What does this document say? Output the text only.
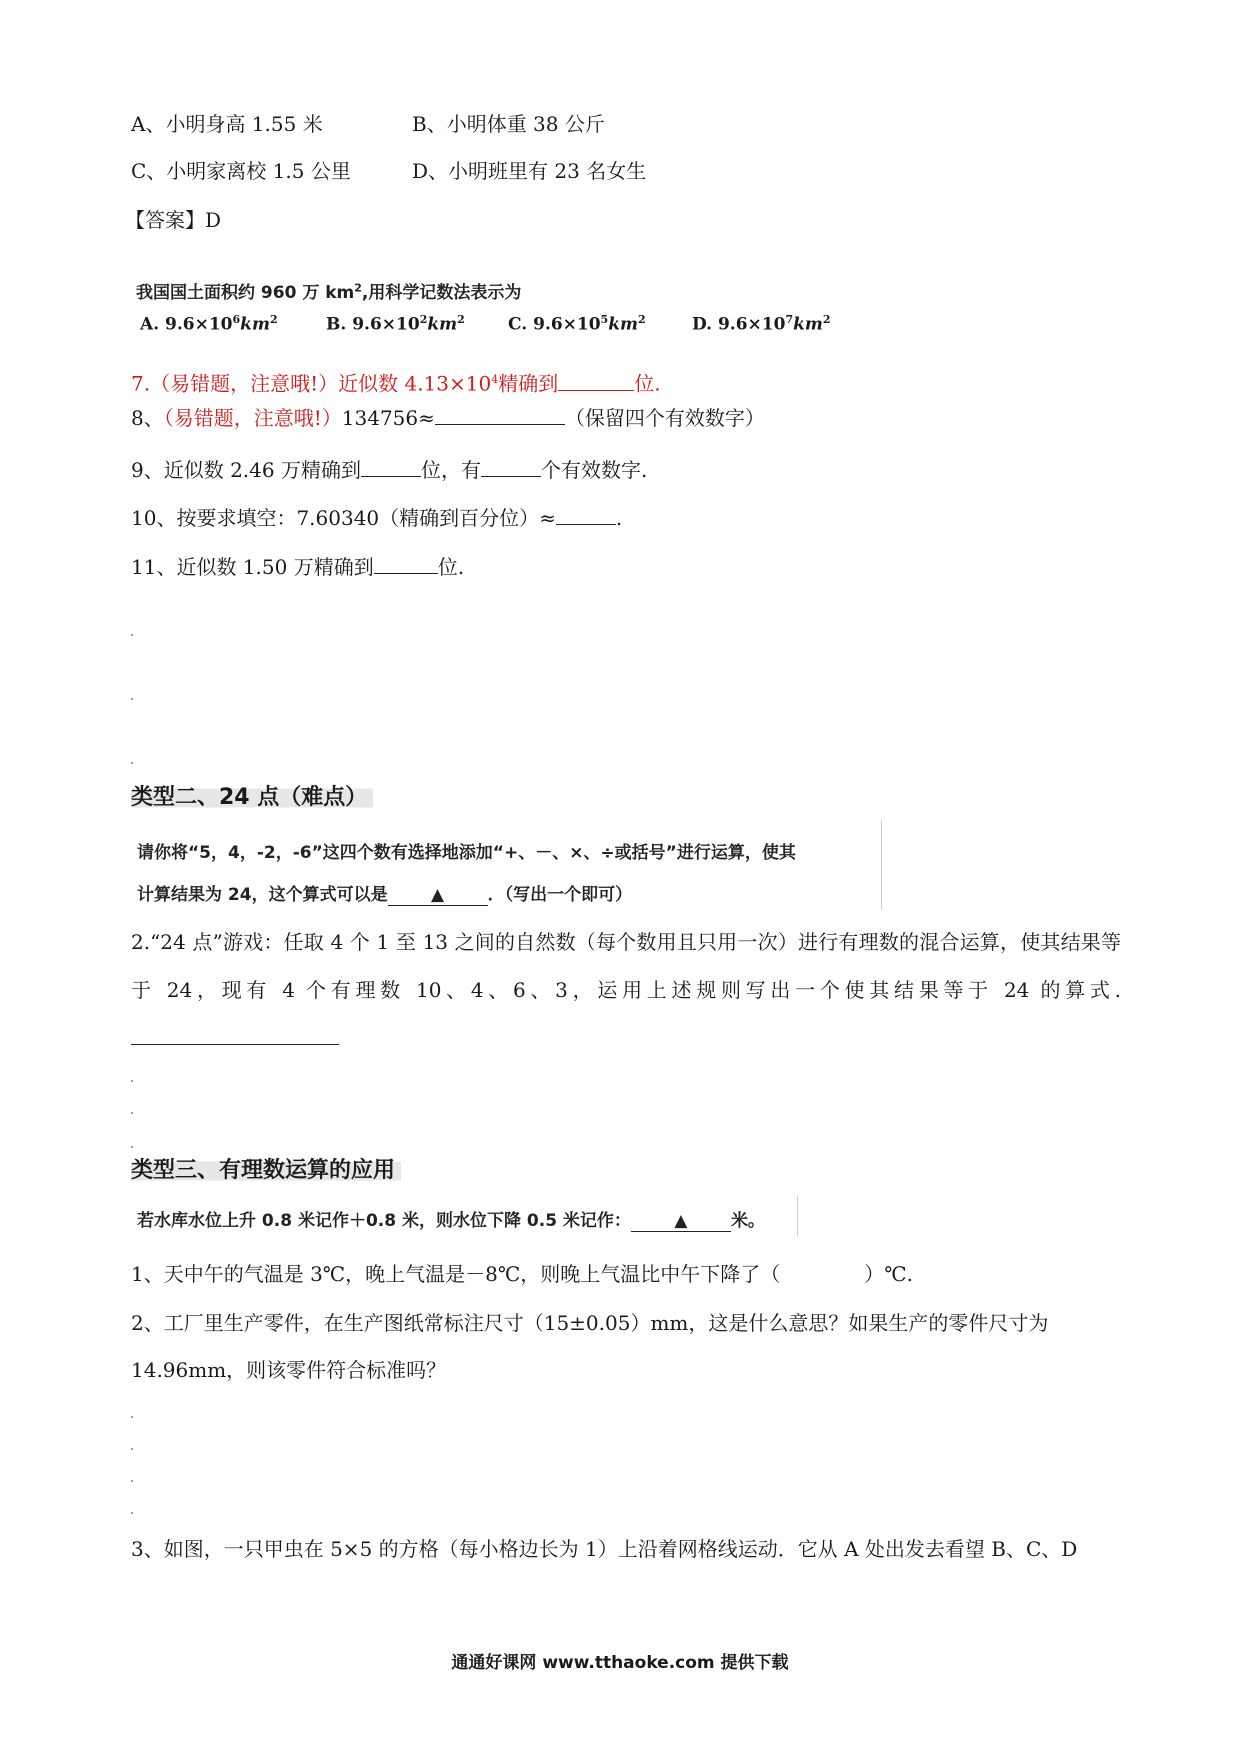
A、小明身高 1.55 米	B、小明体重 38 公斤
C、小明家离校 1.5 公里	D、小明班里有 23 名女生
【答案】D
我国国土面积约 960 万 $km^2$,用科学记数法表示为
A. $9.6\times 10^6km^2$	B. $9.6\times 10^2km^2$	C. $9.6\times 10^5km^2$	D. $9.6\times 10^7km^2$
7.（易错题，注意哦!）近似数 $4.13\times 10^4$精确到	位.
8、（易错题，注意哦!）134756≈	（保留四个有效数字）
9、近似数 2.46 万精确到	位，有	个有效数字.
10、按要求填空：7.60340（精确到百分位）≈	.
11、近似数 1.50 万精确到	位.
类型二、24 点（难点）
请你将“5，4，-2，-6”这四个数有选择地添加“+、－、×、÷或括号”进行运算，使其
计算结果为 24，这个算式可以是	▲	．（写出一个即可）
2.“24 点”游戏：任取 4 个 1 至 13 之间的自然数（每个数用且只用一次）进行有理数的混合运算，使其结果等于 24，现有 4 个有理数 10、4、6、3，运用上述规则写出一个使其结果等于 24 的算式.
类型三、有理数运算的应用
若水库水位上升 0.8 米记作＋0.8 米，则水位下降 0.5 米记作：	▲	米。
1、天中午的气温是 3℃，晚上气温是－8℃，则晚上气温比中午下降了（	）℃.
2、工厂里生产零件，在生产图纸常标注尺寸（15±0.05）mm，这是什么意思？如果生产的零件尺寸为
14.96mm，则该零件符合标准吗？
3、如图，一只甲虫在 5×5 的方格（每小格边长为 1）上沿着网格线运动．它从 A 处出发去看望 B、C、D
通通好课网 www.tthaoke.com 提供下载
